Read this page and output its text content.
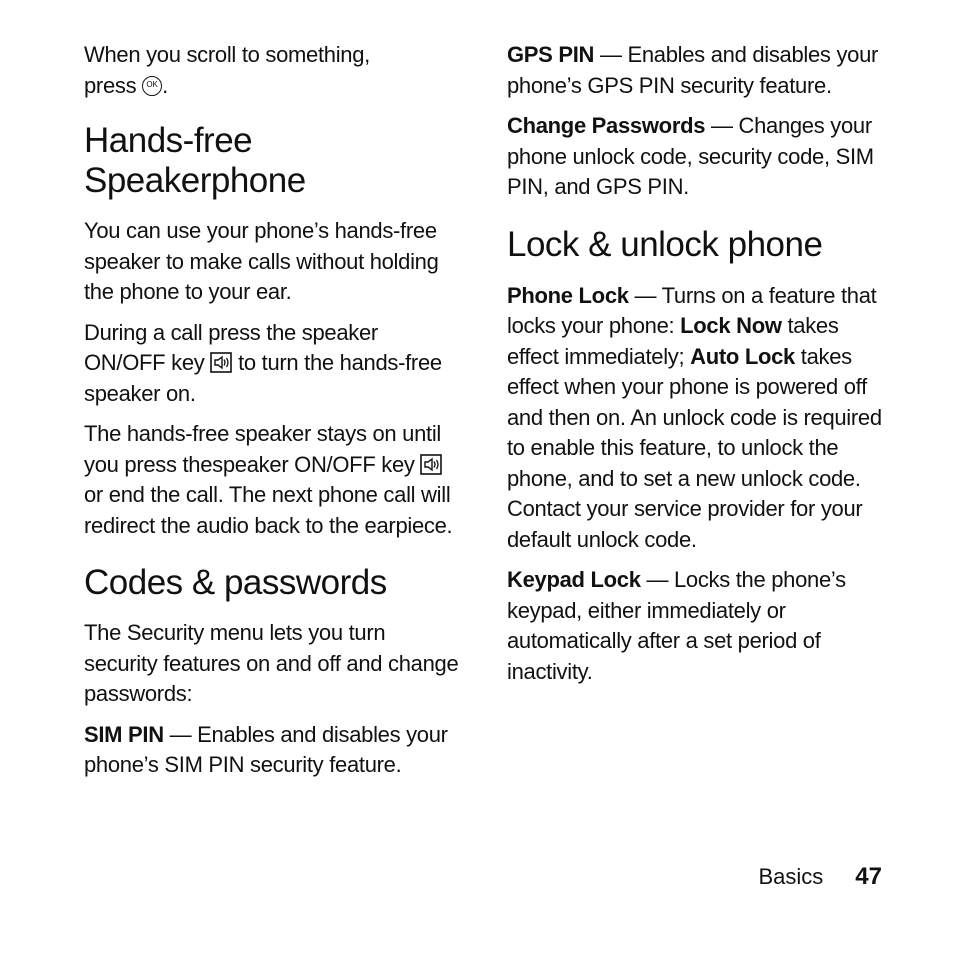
When you scroll to something,
press OK.

Hands-free Speakerphone

You can use your phone’s hands-free speaker to make calls without holding the phone to your ear.

During a call press the speaker ON/OFF key
to turn the hands-free speaker on.

The hands-free speaker stays on until you press thespeaker ON/OFF key
or end the call. The next phone call will redirect the audio back to the earpiece.

Codes & passwords

The Security menu lets you turn security features on and off and change passwords:

SIM PIN — Enables and disables your phone’s SIM PIN security feature.

GPS PIN — Enables and disables your phone’s GPS PIN security feature.

Change Passwords — Changes your phone unlock code, security code, SIM PIN, and GPS PIN.

Lock & unlock phone

Phone Lock — Turns on a feature that locks your phone: Lock Now takes effect immediately; Auto Lock takes effect when your phone is powered off and then on. An unlock code is required to enable this feature, to unlock the phone, and to set a new unlock code. Contact your service provider for your default unlock code.

Keypad Lock — Locks the phone’s keypad, either immediately or automatically after a set period of inactivity.

Basics 47
